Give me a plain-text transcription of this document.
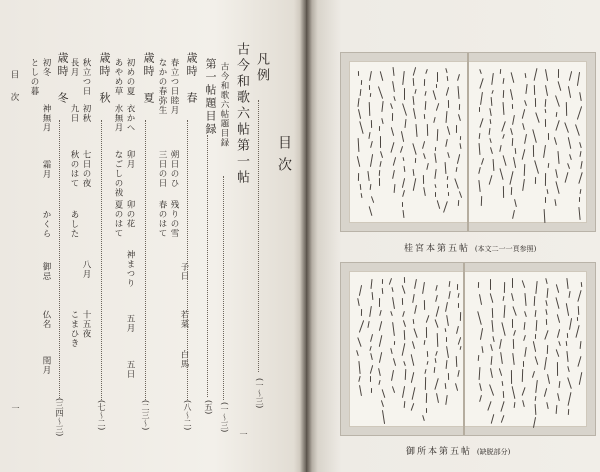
目次
凡例
(一〜三)
一
古今和歌六帖第一帖
古今和歌六帖題目録
(一〜三)
第一帖題目録
(五)
歳時
春
春立つ日
睦月
朔日のひ
残りの雪
子日
若菜
白馬
なかの春
弥生
三日の日
春のはて
(八〜二)
歳時
夏
初めの夏
衣かへ
卯月
卯の花
神まつり
五月
五日
あやめ草
水無月
なごしの祓
夏のはて
(二三〜)
歳時
秋
秋立つ日
初秋
七日の夜
八月
十五夜
長月
九日
秋のはて
あした
こまひき
(七〜二)
歳時
冬
初冬
神無月
霜月
かくら
御忌
仏名
閏月
としの暮
(三四〜三)
目次
一
桂宮本第五帖 (本文二一一頁参照)
御所本第五帖 (缺脱部分)
